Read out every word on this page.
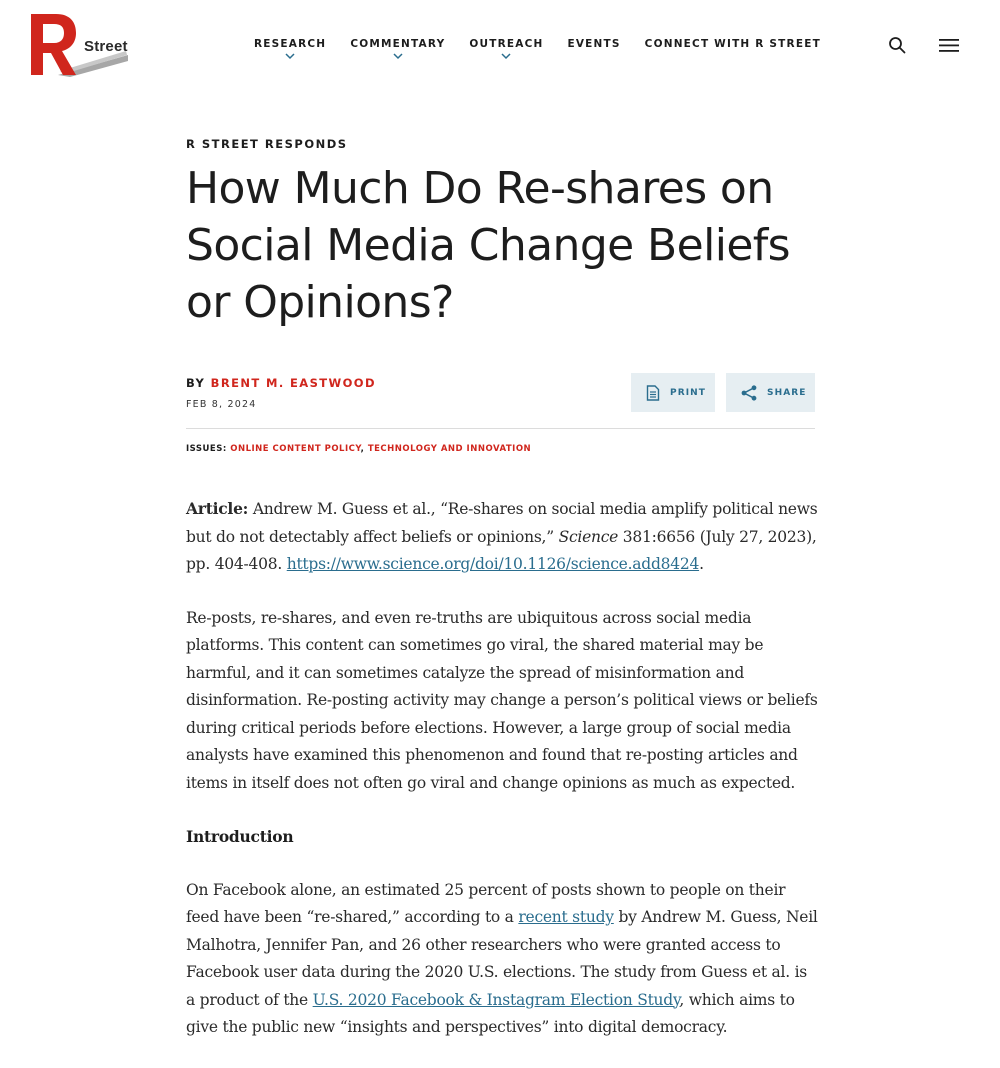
Street	RESEARCH COMMENTARY OUTREACH EVENTS CONNECT WITH R STREET
R STREET RESPONDS
How Much Do Re-shares on Social Media Change Beliefs or Opinions?
BY BRENT M. EASTWOOD
FEB 8, 2024
PRINT	SHARE
ISSUES: ONLINE CONTENT POLICY, TECHNOLOGY AND INNOVATION

Article: Andrew M. Guess et al., “Re-shares on social media amplify political news but do not detectably affect beliefs or opinions,” Science 381:6656 (July 27, 2023), pp. 404-408. https://www.science.org/doi/10.1126/science.add8424.

Re-posts, re-shares, and even re-truths are ubiquitous across social media platforms. This content can sometimes go viral, the shared material may be harmful, and it can sometimes catalyze the spread of misinformation and disinformation. Re-posting activity may change a person’s political views or beliefs during critical periods before elections. However, a large group of social media analysts have examined this phenomenon and found that re-posting articles and items in itself does not often go viral and change opinions as much as expected.

Introduction

On Facebook alone, an estimated 25 percent of posts shown to people on their feed have been “re-shared,” according to a recent study by Andrew M. Guess, Neil Malhotra, Jennifer Pan, and 26 other researchers who were granted access to Facebook user data during the 2020 U.S. elections. The study from Guess et al. is a product of the U.S. 2020 Facebook & Instagram Election Study, which aims to give the public new “insights and perspectives” into digital democracy.
